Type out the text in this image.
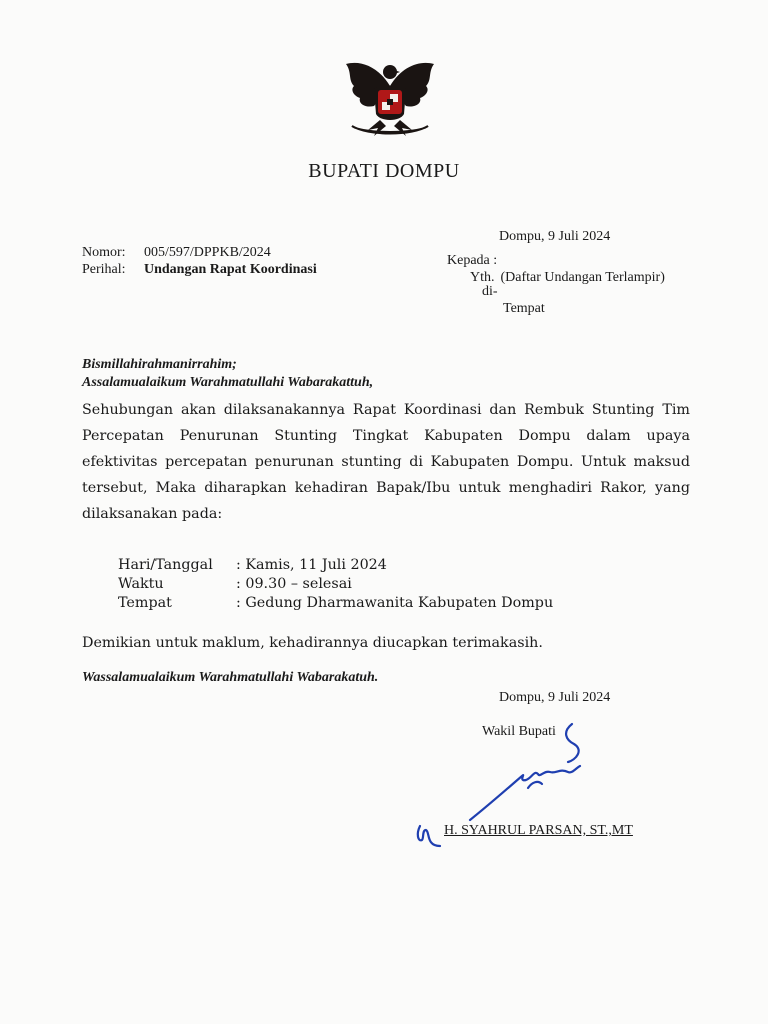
BUPATI DOMPU
Dompu, 9 Juli 2024
Nomor:	005/597/DPPKB/2024
Perihal:	Undangan Rapat Koordinasi
Kepada :
Yth. (Daftar Undangan Terlampir)
di-
Tempat
Bismillahirahmanirrahim;
Assalamualaikum Warahmatullahi Wabarakattuh,
Sehubungan akan dilaksanakannya Rapat Koordinasi dan Rembuk Stunting Tim Percepatan Penurunan Stunting Tingkat Kabupaten Dompu dalam upaya efektivitas percepatan penurunan stunting di Kabupaten Dompu. Untuk maksud tersebut, Maka diharapkan kehadiran Bapak/Ibu untuk menghadiri Rakor, yang dilaksanakan pada:
Hari/Tanggal	: Kamis, 11 Juli 2024
Waktu	: 09.30 – selesai
Tempat	: Gedung Dharmawanita Kabupaten Dompu
Demikian untuk maklum, kehadirannya diucapkan terimakasih.
Wassalamualaikum Warahmatullahi Wabarakatuh.
Dompu, 9 Juli 2024
Wakil Bupati
H. SYAHRUL PARSAN, ST.,MT
